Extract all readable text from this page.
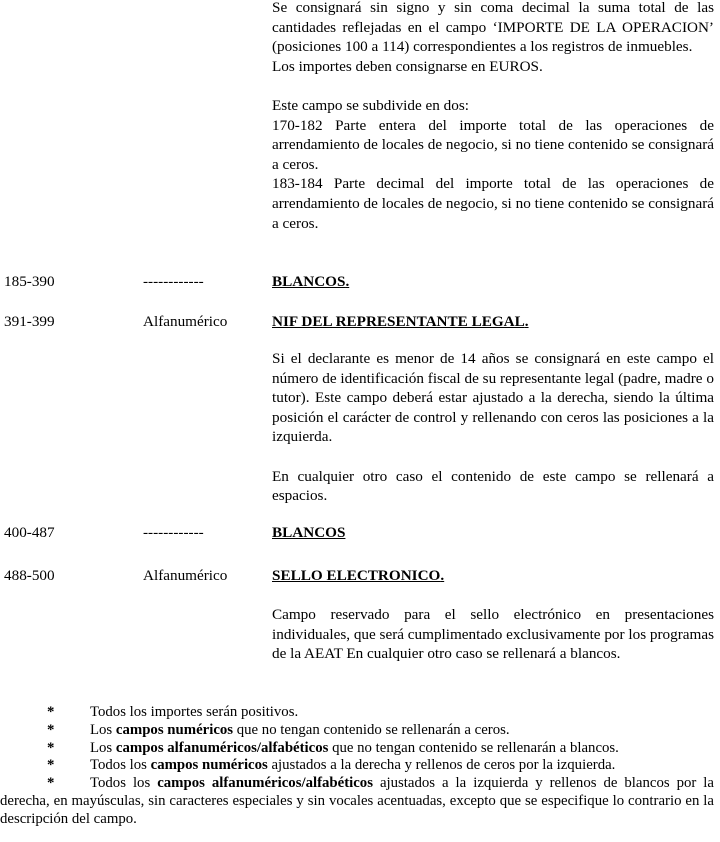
Se consignará sin signo y sin coma decimal la suma total de las cantidades reflejadas en el campo ‘IMPORTE DE LA OPERACION’ (posiciones 100 a 114) correspondientes a los registros de inmuebles.

Los importes deben consignarse en EUROS.

Este campo se subdivide en dos:

170-182 Parte entera del importe total de las operaciones de arrendamiento de locales de negocio, si no tiene contenido se consignará a ceros.

183-184 Parte decimal del importe total de las operaciones de arrendamiento de locales de negocio, si no tiene contenido se consignará a ceros.

185-390	------------	BLANCOS.
391-399	Alfanumérico	NIF DEL REPRESENTANTE LEGAL.

Si el declarante es menor de 14 años se consignará en este campo el número de identificación fiscal de su representante legal (padre, madre o tutor). Este campo deberá estar ajustado a la derecha, siendo la última posición el carácter de control y rellenando con ceros las posiciones a la izquierda.

En cualquier otro caso el contenido de este campo se rellenará a espacios.

400-487	------------	BLANCOS
488-500	Alfanumérico	SELLO ELECTRONICO.

Campo reservado para el sello electrónico en presentaciones individuales, que será cumplimentado exclusivamente por los programas de la AEAT En cualquier otro caso se rellenará a blancos.

* Todos los importes serán positivos.
* Los campos numéricos que no tengan contenido se rellenarán a ceros.
* Los campos alfanuméricos/alfabéticos que no tengan contenido se rellenarán a blancos.
* Todos los campos numéricos ajustados a la derecha y rellenos de ceros por la izquierda.
*	Todos los campos alfanuméricos/alfabéticos ajustados a la izquierda y rellenos de blancos por la derecha, en mayúsculas, sin caracteres especiales y sin vocales acentuadas, excepto que se especifique lo contrario en la descripción del campo.
